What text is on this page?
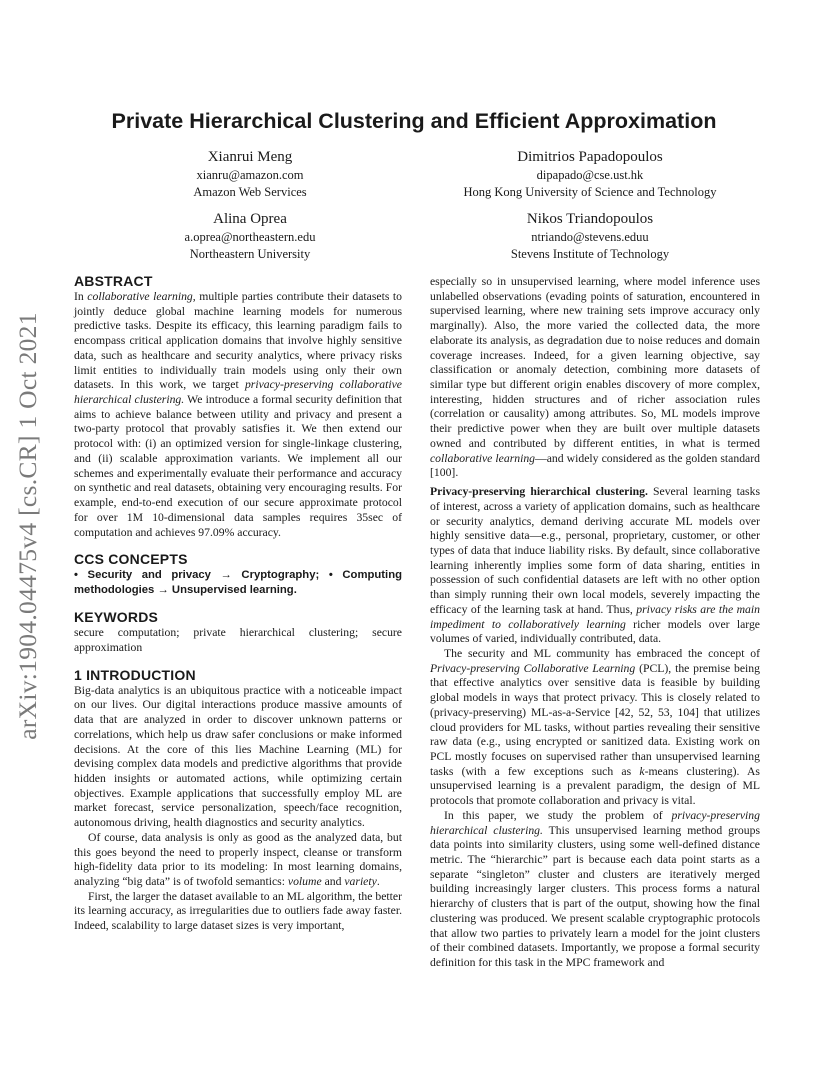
arXiv:1904.04475v4 [cs.CR] 1 Oct 2021
Private Hierarchical Clustering and Efficient Approximation
Xianrui Meng
xianru@amazon.com
Amazon Web Services
Dimitrios Papadopoulos
dipapado@cse.ust.hk
Hong Kong University of Science and Technology
Alina Oprea
a.oprea@northeastern.edu
Northeastern University
Nikos Triandopoulos
ntriando@stevens.eduu
Stevens Institute of Technology
ABSTRACT

In collaborative learning, multiple parties contribute their datasets to jointly deduce global machine learning models for numerous predictive tasks. Despite its efficacy, this learning paradigm fails to encompass critical application domains that involve highly sensitive data, such as healthcare and security analytics, where privacy risks limit entities to individually train models using only their own datasets. In this work, we target privacy-preserving collaborative hierarchical clustering. We introduce a formal security definition that aims to achieve balance between utility and privacy and present a two-party protocol that provably satisfies it. We then extend our protocol with: (i) an optimized version for single-linkage clustering, and (ii) scalable approximation variants. We implement all our schemes and experimentally evaluate their performance and accuracy on synthetic and real datasets, obtaining very encouraging results. For example, end-to-end execution of our secure approximate protocol for over 1M 10-dimensional data samples requires 35sec of computation and achieves 97.09% accuracy.

CCS CONCEPTS

• Security and privacy → Cryptography; • Computing methodologies → Unsupervised learning.

KEYWORDS

secure computation; private hierarchical clustering; secure approximation

1 INTRODUCTION

Big-data analytics is an ubiquitous practice with a noticeable impact on our lives. Our digital interactions produce massive amounts of data that are analyzed in order to discover unknown patterns or correlations, which help us draw safer conclusions or make informed decisions. At the core of this lies Machine Learning (ML) for devising complex data models and predictive algorithms that provide hidden insights or automated actions, while optimizing certain objectives. Example applications that successfully employ ML are market forecast, service personalization, speech/face recognition, autonomous driving, health diagnostics and security analytics.

Of course, data analysis is only as good as the analyzed data, but this goes beyond the need to properly inspect, cleanse or transform high-fidelity data prior to its modeling: In most learning domains, analyzing “big data” is of twofold semantics: volume and variety.

First, the larger the dataset available to an ML algorithm, the better its learning accuracy, as irregularities due to outliers fade away faster. Indeed, scalability to large dataset sizes is very important,

especially so in unsupervised learning, where model inference uses unlabelled observations (evading points of saturation, encountered in supervised learning, where new training sets improve accuracy only marginally). Also, the more varied the collected data, the more elaborate its analysis, as degradation due to noise reduces and domain coverage increases. Indeed, for a given learning objective, say classification or anomaly detection, combining more datasets of similar type but different origin enables discovery of more complex, interesting, hidden structures and of richer association rules (correlation or causality) among attributes. So, ML models improve their predictive power when they are built over multiple datasets owned and contributed by different entities, in what is termed collaborative learning—and widely considered as the golden standard [100].

Privacy-preserving hierarchical clustering. Several learning tasks of interest, across a variety of application domains, such as healthcare or security analytics, demand deriving accurate ML models over highly sensitive data—e.g., personal, proprietary, customer, or other types of data that induce liability risks. By default, since collaborative learning inherently implies some form of data sharing, entities in possession of such confidential datasets are left with no other option than simply running their own local models, severely impacting the efficacy of the learning task at hand. Thus, privacy risks are the main impediment to collaboratively learning richer models over large volumes of varied, individually contributed, data.

The security and ML community has embraced the concept of Privacy-preserving Collaborative Learning (PCL), the premise being that effective analytics over sensitive data is feasible by building global models in ways that protect privacy. This is closely related to (privacy-preserving) ML-as-a-Service [42, 52, 53, 104] that utilizes cloud providers for ML tasks, without parties revealing their sensitive raw data (e.g., using encrypted or sanitized data. Existing work on PCL mostly focuses on supervised rather than unsupervised learning tasks (with a few exceptions such as k-means clustering). As unsupervised learning is a prevalent paradigm, the design of ML protocols that promote collaboration and privacy is vital.

In this paper, we study the problem of privacy-preserving hierarchical clustering. This unsupervised learning method groups data points into similarity clusters, using some well-defined distance metric. The “hierarchic” part is because each data point starts as a separate “singleton” cluster and clusters are iteratively merged building increasingly larger clusters. This process forms a natural hierarchy of clusters that is part of the output, showing how the final clustering was produced. We present scalable cryptographic protocols that allow two parties to privately learn a model for the joint clusters of their combined datasets. Importantly, we propose a formal security definition for this task in the MPC framework and
